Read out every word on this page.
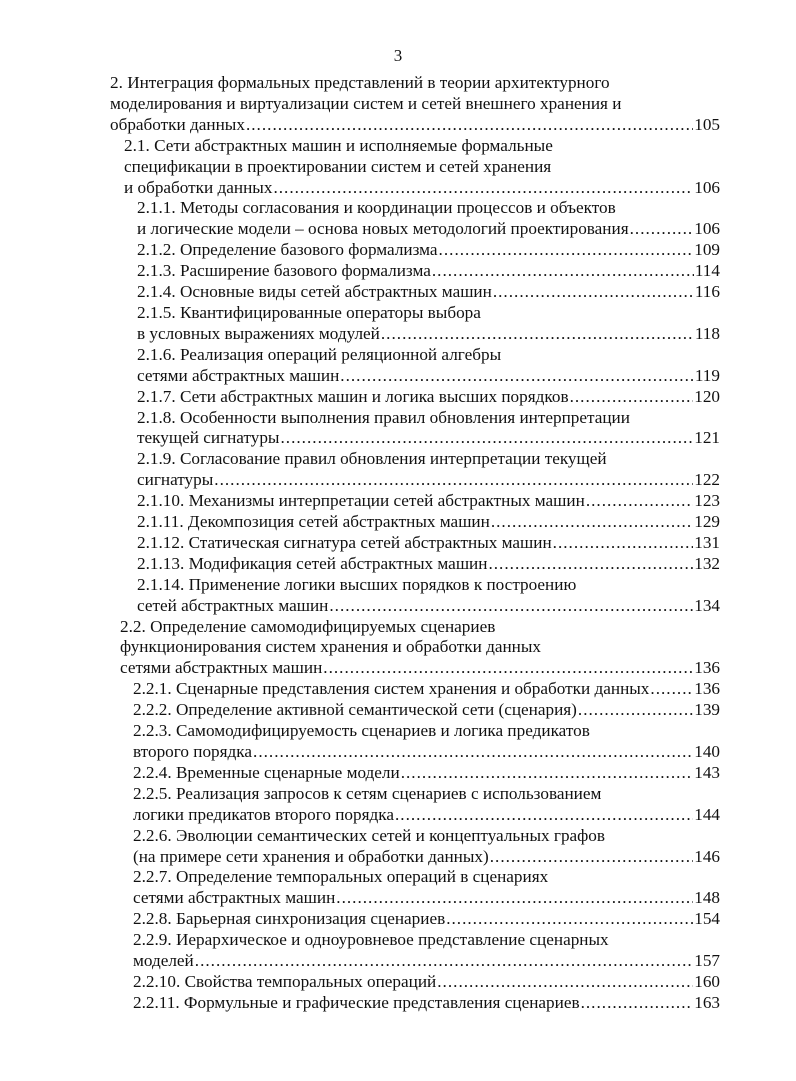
3
2. Интеграция формальных представлений в теории архитектурного
моделирования и виртуализации систем и сетей внешнего хранения и
обработки данных .....	105
2.1. Сети абстрактных машин и исполняемые формальные
спецификации в проектировании систем и сетей хранения
и обработки данных .....	106
2.1.1. Методы согласования и координации процессов и объектов
и логические модели – основа новых методологий проектирования .....	106
2.1.2. Определение базового формализма .....	109
2.1.3. Расширение базового формализма .....	114
2.1.4. Основные виды сетей абстрактных машин .....	116
2.1.5. Квантифицированные операторы выбора
в условных выражениях модулей .....	118
2.1.6. Реализация операций реляционной алгебры
сетями абстрактных машин .....	119
2.1.7. Сети абстрактных машин и логика высших порядков .....	120
2.1.8. Особенности выполнения правил обновления интерпретации
текущей сигнатуры .....	121
2.1.9. Согласование правил обновления интерпретации текущей
сигнатуры .....	122
2.1.10. Механизмы интерпретации сетей абстрактных машин .....	123
2.1.11. Декомпозиция сетей абстрактных машин .....	129
2.1.12. Статическая сигнатура сетей абстрактных машин .....	131
2.1.13. Модификация сетей абстрактных машин .....	132
2.1.14. Применение логики высших порядков к построению
сетей абстрактных машин .....	134
2.2. Определение самомодифицируемых сценариев
функционирования систем хранения и обработки данных
сетями абстрактных машин .....	136
2.2.1. Сценарные представления систем хранения и обработки данных .....	136
2.2.2. Определение активной семантической сети (сценария) .....	139
2.2.3. Самомодифицируемость сценариев и логика предикатов
второго порядка .....	140
2.2.4. Временные сценарные модели .....	143
2.2.5. Реализация запросов к сетям сценариев с использованием
логики предикатов второго порядка .....	144
2.2.6. Эволюции семантических сетей и концептуальных графов
(на примере сети хранения и обработки данных) .....	146
2.2.7. Определение темпоральных операций в сценариях
сетями абстрактных машин .....	148
2.2.8. Барьерная синхронизация сценариев .....	154
2.2.9. Иерархическое и одноуровневое представление сценарных
моделей .....	157
2.2.10. Свойства темпоральных операций .....	160
2.2.11. Формульные и графические представления сценариев .....	163
